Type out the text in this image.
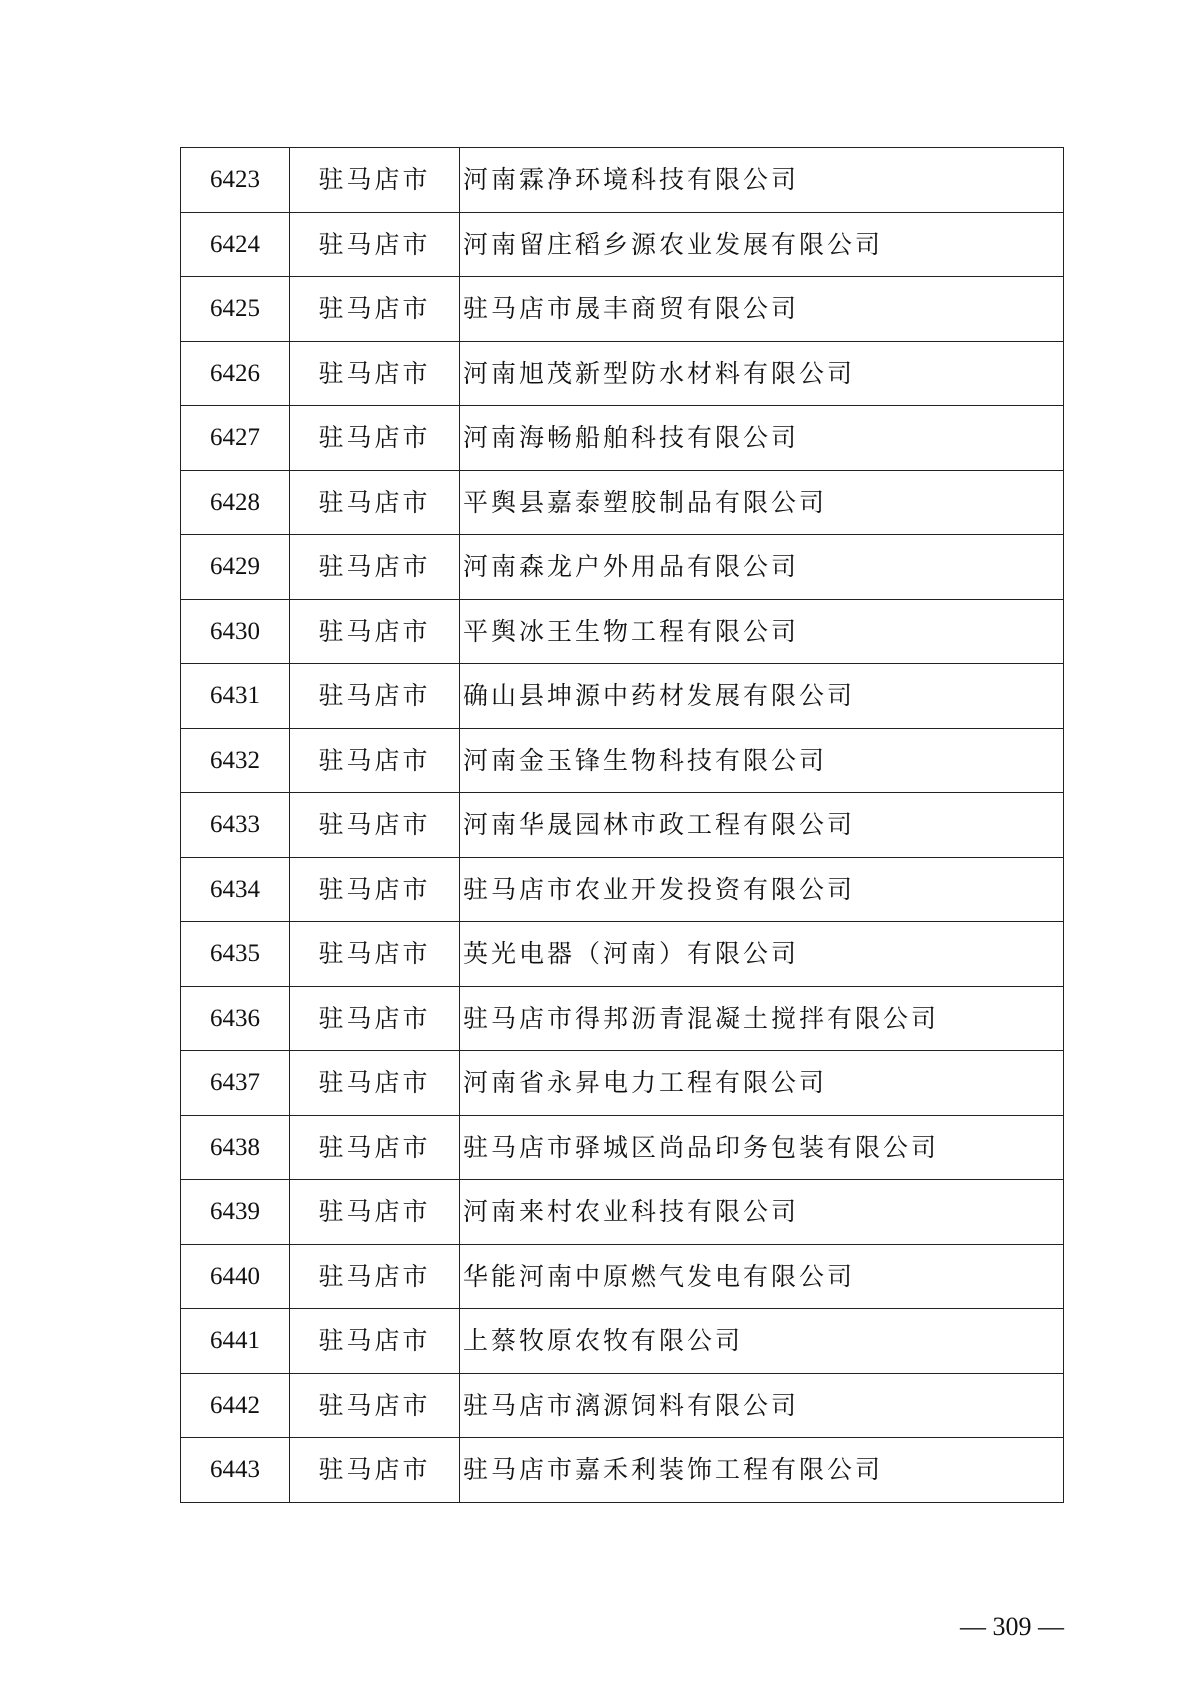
6423	驻马店市	河南霖净环境科技有限公司
6424	驻马店市	河南留庄稻乡源农业发展有限公司
6425	驻马店市	驻马店市晟丰商贸有限公司
6426	驻马店市	河南旭茂新型防水材料有限公司
6427	驻马店市	河南海畅船舶科技有限公司
6428	驻马店市	平舆县嘉泰塑胶制品有限公司
6429	驻马店市	河南森龙户外用品有限公司
6430	驻马店市	平舆冰王生物工程有限公司
6431	驻马店市	确山县坤源中药材发展有限公司
6432	驻马店市	河南金玉锋生物科技有限公司
6433	驻马店市	河南华晟园林市政工程有限公司
6434	驻马店市	驻马店市农业开发投资有限公司
6435	驻马店市	英光电器（河南）有限公司
6436	驻马店市	驻马店市得邦沥青混凝土搅拌有限公司
6437	驻马店市	河南省永昇电力工程有限公司
6438	驻马店市	驻马店市驿城区尚品印务包装有限公司
6439	驻马店市	河南来村农业科技有限公司
6440	驻马店市	华能河南中原燃气发电有限公司
6441	驻马店市	上蔡牧原农牧有限公司
6442	驻马店市	驻马店市漓源饲料有限公司
6443	驻马店市	驻马店市嘉禾利装饰工程有限公司
— 309 —
